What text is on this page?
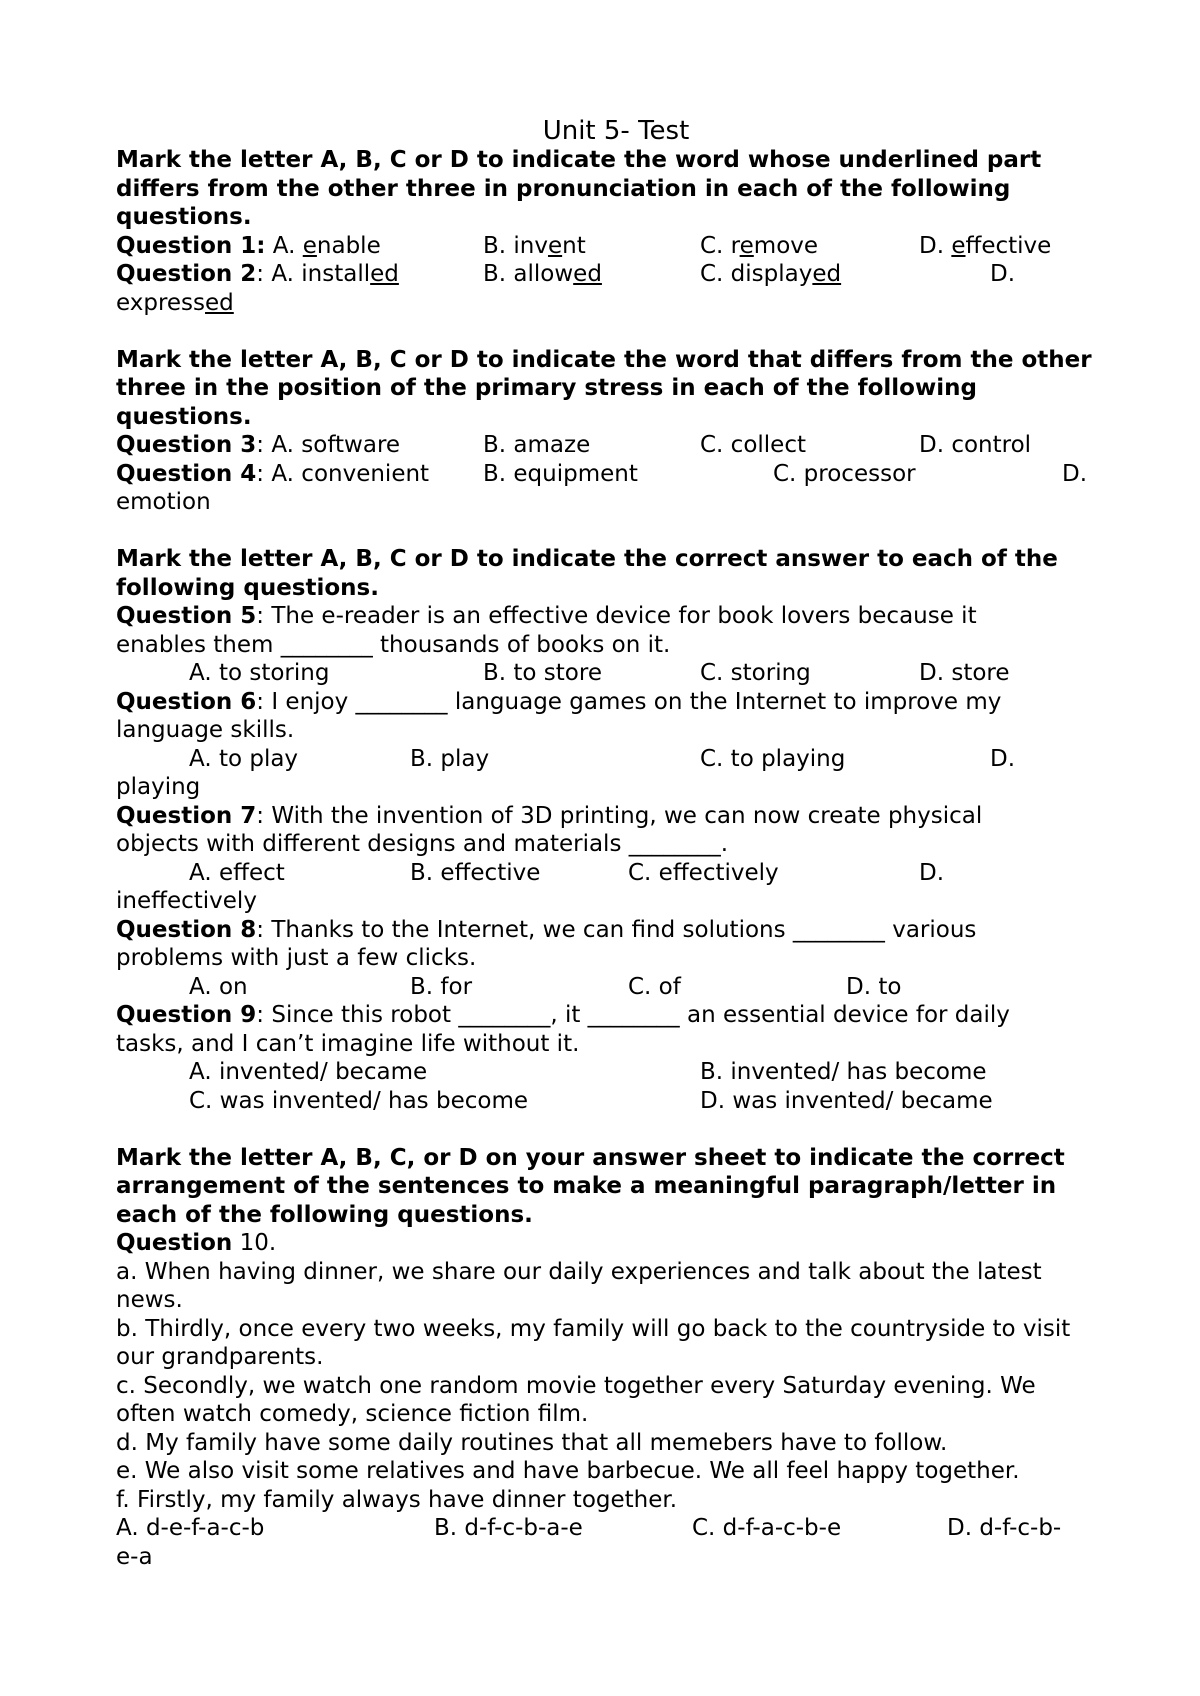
Unit 5- Test

Mark the letter A, B, C or D to indicate the word whose underlined part differs from the other three in pronunciation in each of the following questions.

Question 1: A. enable	B. invent	C. remove	D. effective
Question 2: A. installed	B. allowed	C. displayed	D.
expressed

Mark the letter A, B, C or D to indicate the word that differs from the other three in the position of the primary stress in each of the following questions.

Question 3: A. software	B. amaze	C. collect	D. control
Question 4: A. convenient B. equipment	C. processor	D.
emotion

Mark the letter A, B, C or D to indicate the correct answer to each of the following questions.

Question 5: The e-reader is an effective device for book lovers because it
enables them ________ thousands of books on it.
A. to storing	B. to store	C. storing	D. store
Question 6: I enjoy ________ language games on the Internet to improve my
language skills.
A. to play	B. play	C. to playing	D.
playing
Question 7: With the invention of 3D printing, we can now create physical
objects with different designs and materials ________.
A. effect	B. effective	C. effectively	D.
ineffectively
Question 8: Thanks to the Internet, we can find solutions ________ various
problems with just a few clicks.
A. on	B. for	C. of	D. to
Question 9: Since this robot ________, it ________ an essential device for daily
tasks, and I can’t imagine life without it.
A. invented/ became	B. invented/ has become
C. was invented/ has become	D. was invented/ became

Mark the letter A, B, C, or D on your answer sheet to indicate the correct arrangement of the sentences to make a meaningful paragraph/letter in each of the following questions.

Question 10.

a. When having dinner, we share our daily experiences and talk about the latest news.

b. Thirdly, once every two weeks, my family will go back to the countryside to visit our grandparents.

c. Secondly, we watch one random movie together every Saturday evening. We often watch comedy, science fiction film.

d. My family have some daily routines that all memebers have to follow.

e. We also visit some relatives and have barbecue. We all feel happy together.

f. Firstly, my family always have dinner together.

A. d-e-f-a-c-b	B. d-f-c-b-a-e	C. d-f-a-c-b-e	D. d-f-c-b-
e-a
